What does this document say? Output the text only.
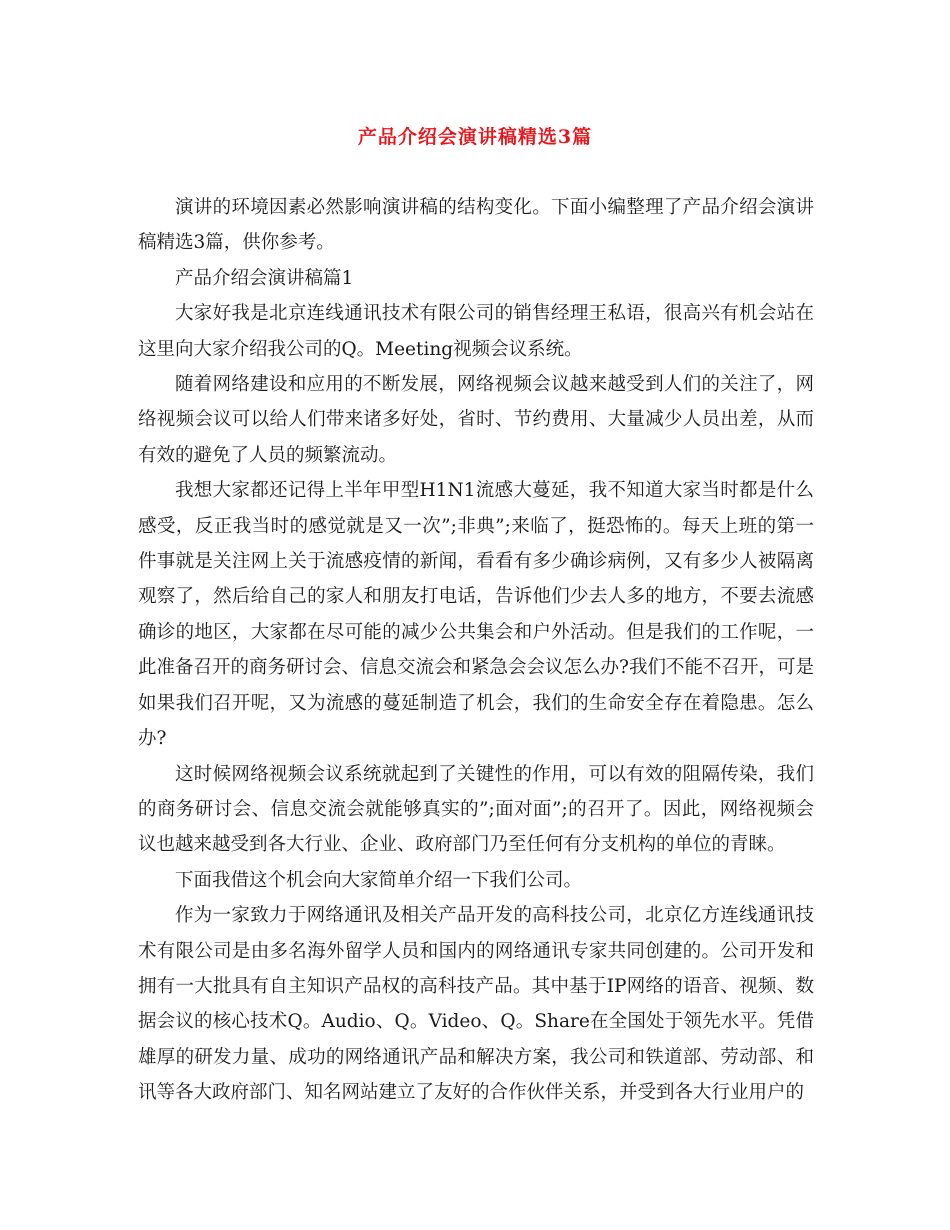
产品介绍会演讲稿精选3篇

演讲的环境因素必然影响演讲稿的结构变化。下面小编整理了产品介绍会演讲稿精选3篇，供你参考。

产品介绍会演讲稿篇1

大家好我是北京连线通讯技术有限公司的销售经理王私语，很高兴有机会站在这里向大家介绍我公司的Q。Meeting视频会议系统。

随着网络建设和应用的不断发展，网络视频会议越来越受到人们的关注了，网络视频会议可以给人们带来诸多好处，省时、节约费用、大量减少人员出差，从而有效的避免了人员的频繁流动。

我想大家都还记得上半年甲型H1N1流感大蔓延，我不知道大家当时都是什么感受，反正我当时的感觉就是又一次”;非典”;来临了，挺恐怖的。每天上班的第一件事就是关注网上关于流感疫情的新闻，看看有多少确诊病例，又有多少人被隔离观察了，然后给自己的家人和朋友打电话，告诉他们少去人多的地方，不要去流感确诊的地区，大家都在尽可能的减少公共集会和户外活动。但是我们的工作呢，一此准备召开的商务研讨会、信息交流会和紧急会会议怎么办?我们不能不召开，可是如果我们召开呢，又为流感的蔓延制造了机会，我们的生命安全存在着隐患。怎么办?

这时候网络视频会议系统就起到了关键性的作用，可以有效的阻隔传染，我们的商务研讨会、信息交流会就能够真实的”;面对面”;的召开了。因此，网络视频会议也越来越受到各大行业、企业、政府部门乃至任何有分支机构的单位的青睐。

下面我借这个机会向大家简单介绍一下我们公司。

作为一家致力于网络通讯及相关产品开发的高科技公司，北京亿方连线通讯技术有限公司是由多名海外留学人员和国内的网络通讯专家共同创建的。公司开发和拥有一大批具有自主知识产品权的高科技产品。其中基于IP网络的语音、视频、数据会议的核心技术Q。Audio、Q。Video、Q。Share在全国处于领先水平。凭借雄厚的研发力量、成功的网络通讯产品和解决方案，我公司和铁道部、劳动部、和讯等各大政府部门、知名网站建立了友好的合作伙伴关系，并受到各大行业用户的
